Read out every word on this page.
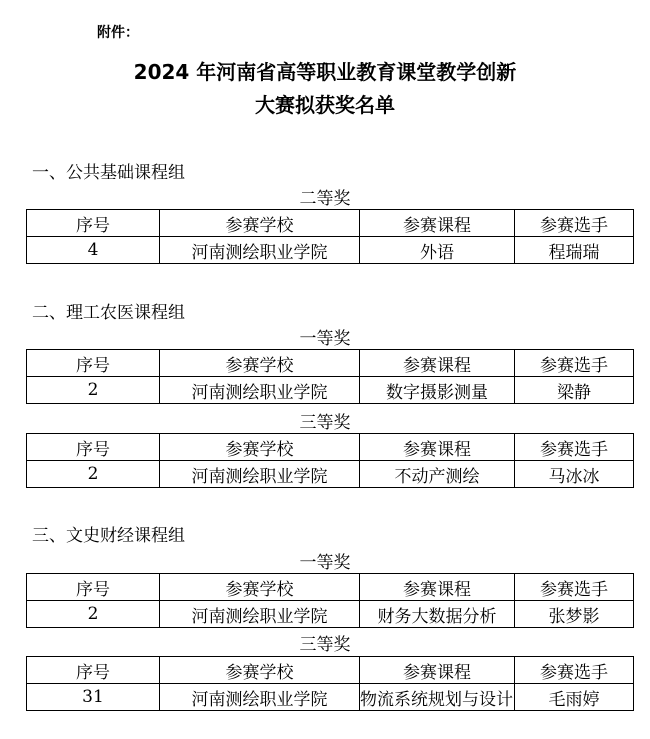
附件：
2024 年河南省高等职业教育课堂教学创新
大赛拟获奖名单
一、公共基础课程组
二等奖
序号	参赛学校	参赛课程	参赛选手
4	河南测绘职业学院	外语	程瑞瑞
二、理工农医课程组
一等奖
序号	参赛学校	参赛课程	参赛选手
2	河南测绘职业学院	数字摄影测量	梁静
三等奖
序号	参赛学校	参赛课程	参赛选手
2	河南测绘职业学院	不动产测绘	马冰冰
三、文史财经课程组
一等奖
序号	参赛学校	参赛课程	参赛选手
2	河南测绘职业学院	财务大数据分析	张梦影
三等奖
序号	参赛学校	参赛课程	参赛选手
31	河南测绘职业学院	物流系统规划与设计	毛雨婷
